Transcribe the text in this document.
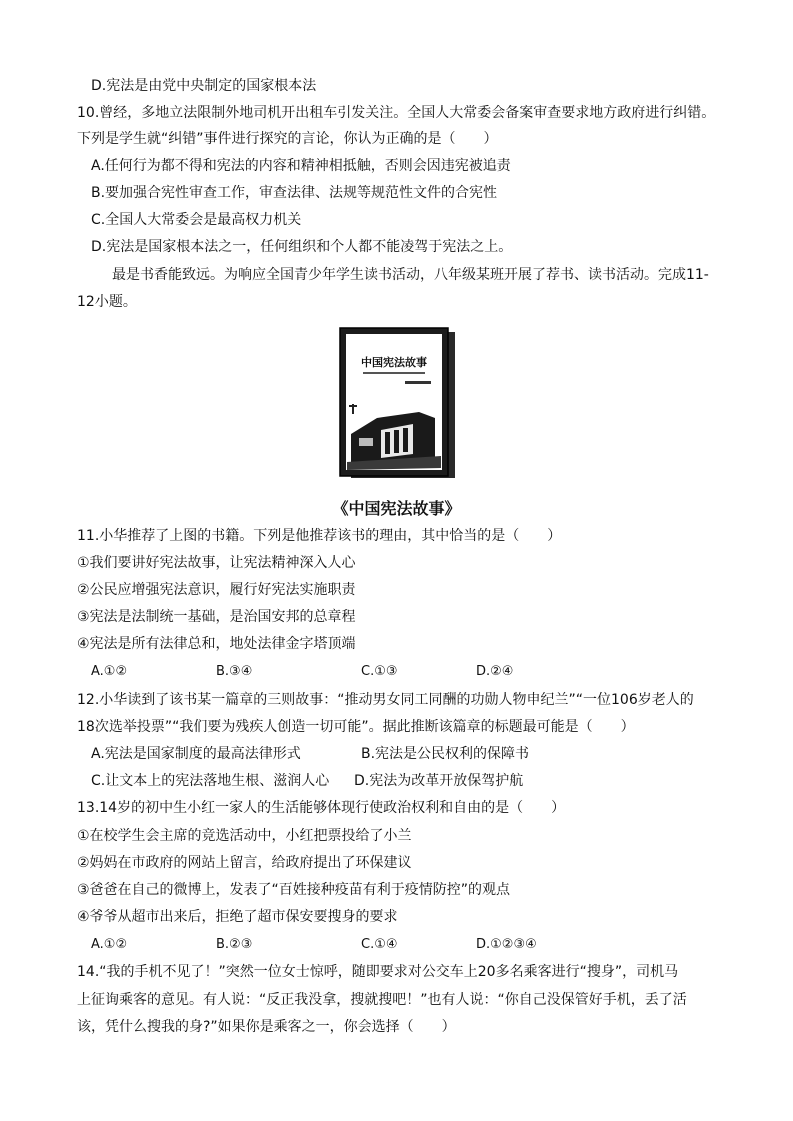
D.宪法是由党中央制定的国家根本法
10.曾经，多地立法限制外地司机开出租车引发关注。全国人大常委会备案审查要求地方政府进行纠错。
下列是学生就“纠错”事件进行探究的言论，你认为正确的是（　　）
A.任何行为都不得和宪法的内容和精神相抵触，否则会因违宪被追责
B.要加强合宪性审查工作，审查法律、法规等规范性文件的合宪性
C.全国人大常委会是最高权力机关
D.宪法是国家根本法之一，任何组织和个人都不能凌驾于宪法之上。
最是书香能致远。为响应全国青少年学生读书活动，八年级某班开展了荐书、读书活动。完成11-
12小题。
中国宪法故事
《中国宪法故事》
11.小华推荐了上图的书籍。下列是他推荐该书的理由，其中恰当的是（　　）
①我们要讲好宪法故事，让宪法精神深入人心
②公民应增强宪法意识，履行好宪法实施职责
③宪法是法制统一基础，是治国安邦的总章程
④宪法是所有法律总和，地处法律金字塔顶端
A.①②	B.③④	C.①③	D.②④
12.小华读到了该书某一篇章的三则故事：“推动男女同工同酬的功勋人物申纪兰”“一位106岁老人的
18次选举投票”“我们要为残疾人创造一切可能”。据此推断该篇章的标题最可能是（　　）
A.宪法是国家制度的最高法律形式	B.宪法是公民权利的保障书
C.让文本上的宪法落地生根、滋润人心 D.宪法为改革开放保驾护航
13.14岁的初中生小红一家人的生活能够体现行使政治权利和自由的是（　　）
①在校学生会主席的竞选活动中，小红把票投给了小兰
②妈妈在市政府的网站上留言，给政府提出了环保建议
③爸爸在自己的微博上，发表了“百姓接种疫苗有利于疫情防控”的观点
④爷爷从超市出来后，拒绝了超市保安要搜身的要求
A.①②	B.②③	C.①④	D.①②③④
14.“我的手机不见了！”突然一位女士惊呼，随即要求对公交车上20多名乘客进行“搜身”，司机马
上征询乘客的意见。有人说：“反正我没拿，搜就搜吧！”也有人说：“你自己没保管好手机，丢了活
该，凭什么搜我的身?”如果你是乘客之一，你会选择（　　）
